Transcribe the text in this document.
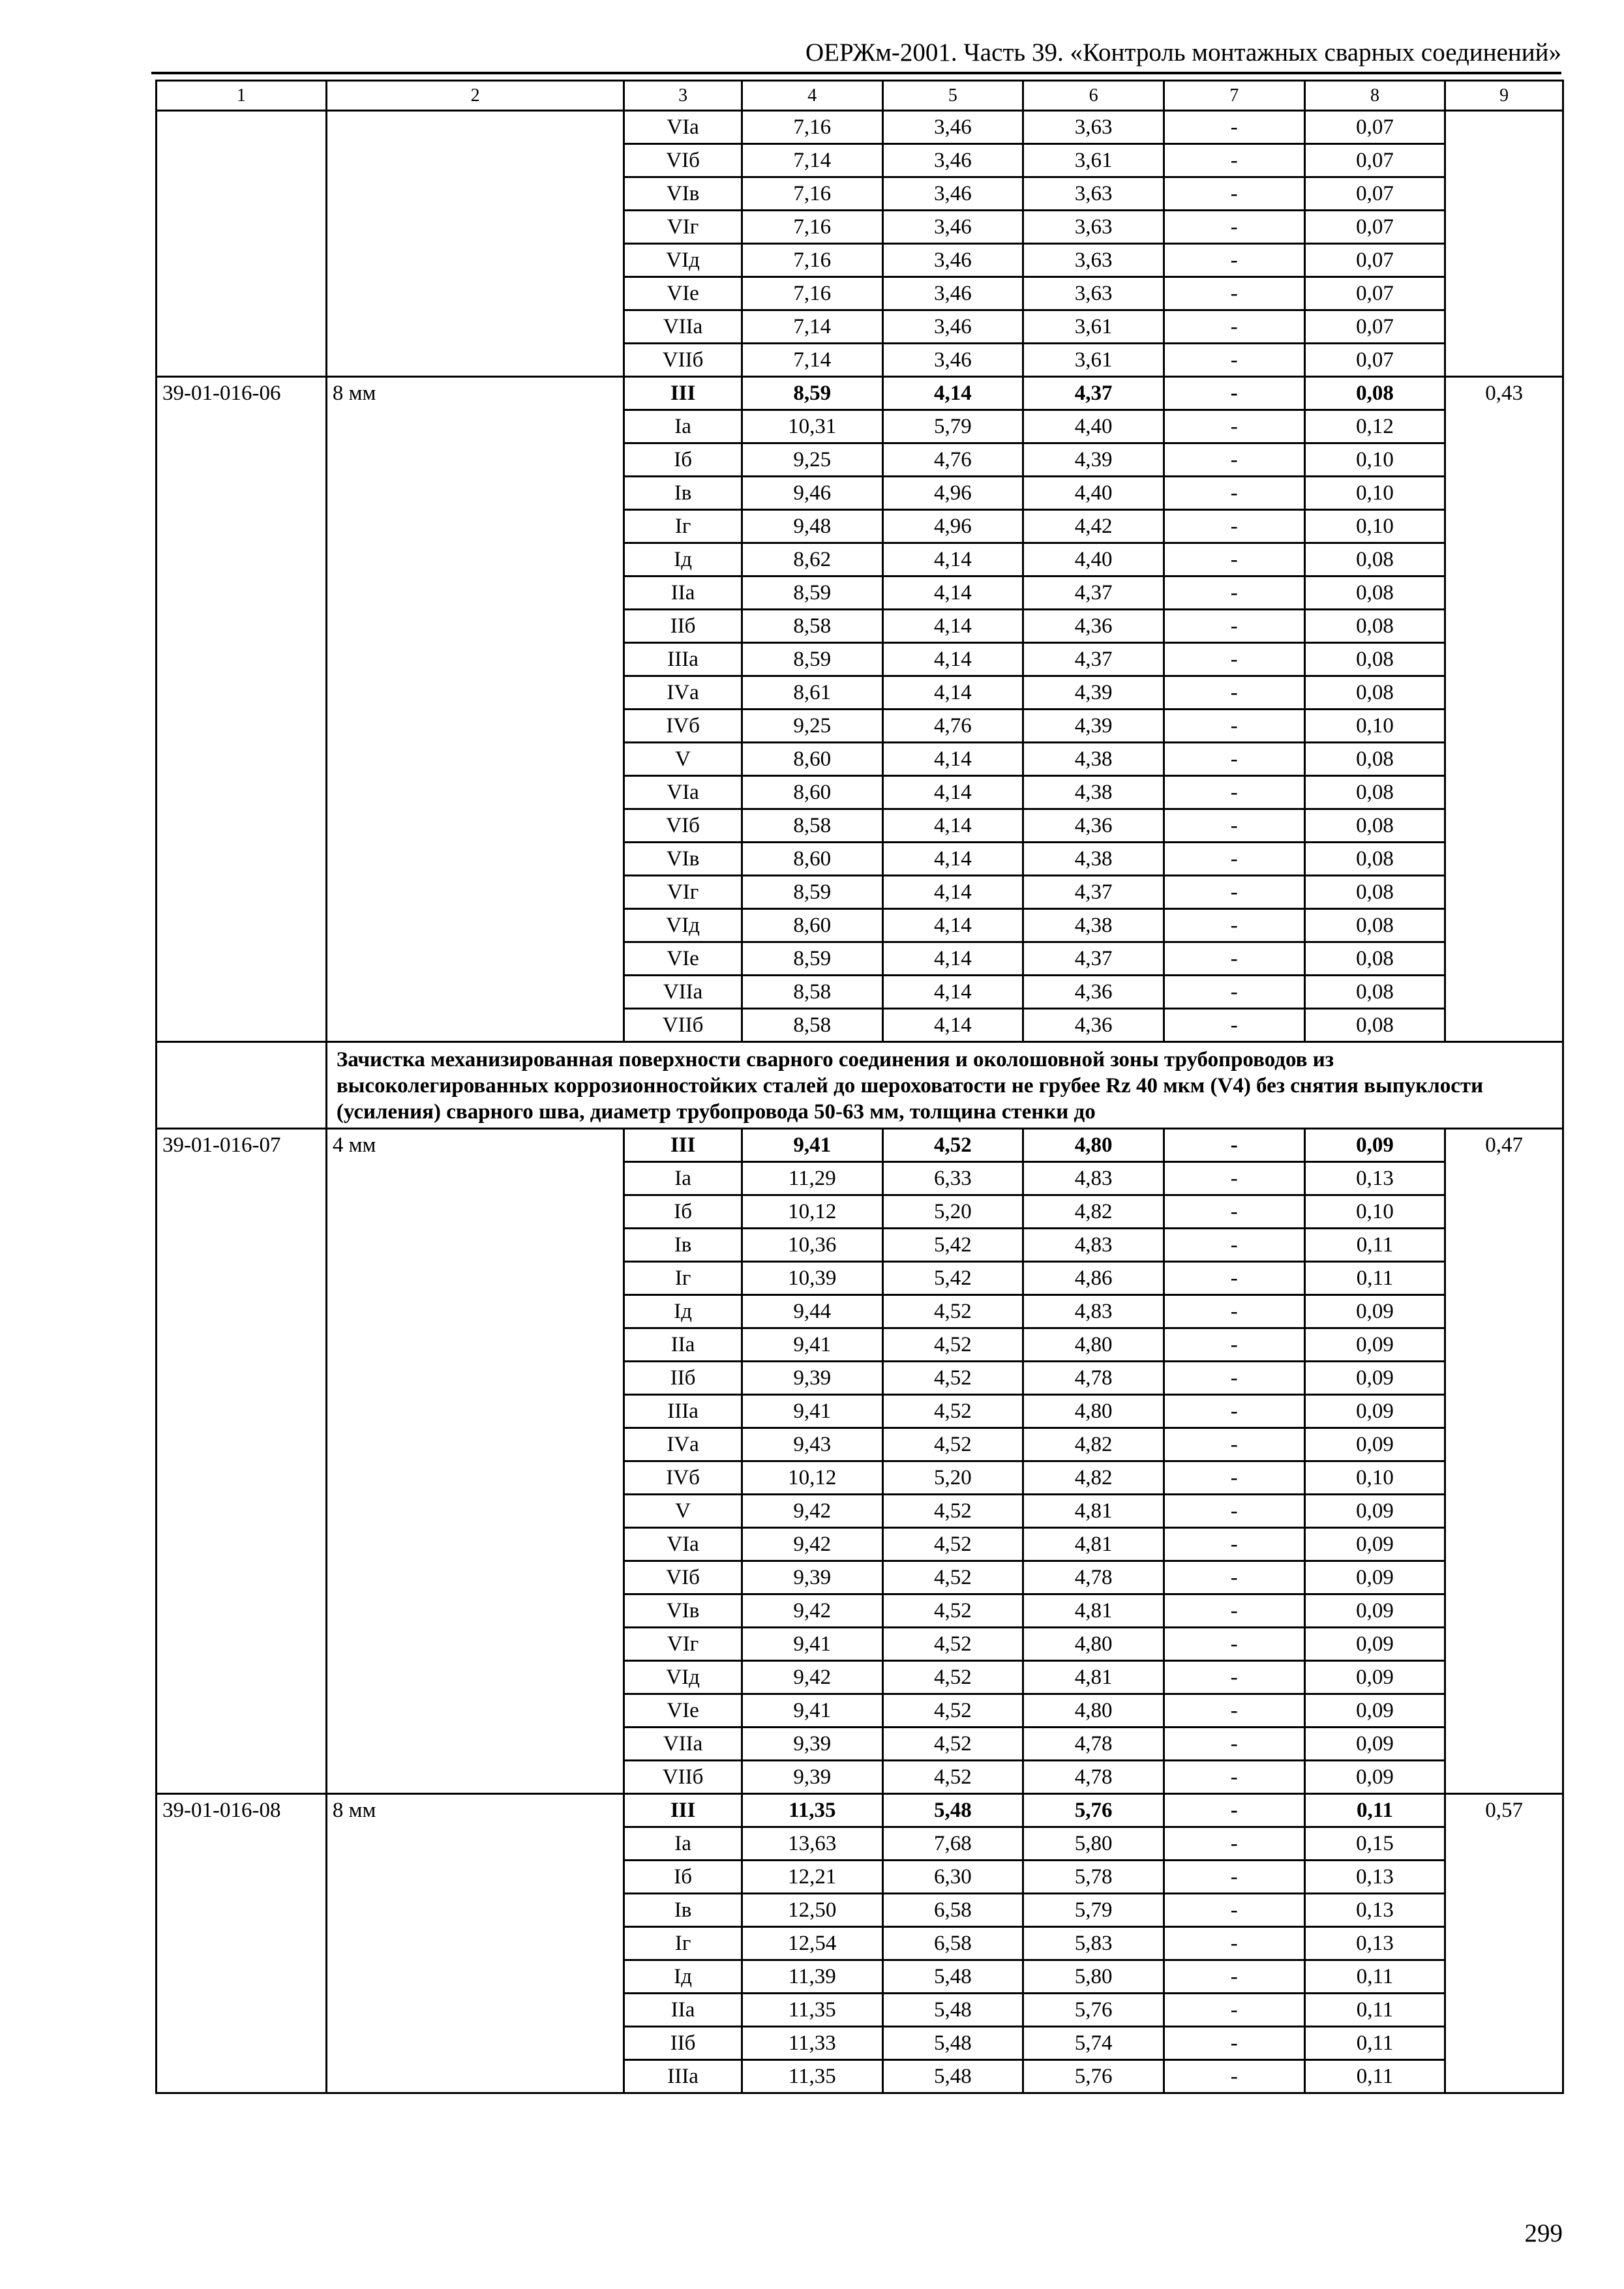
ОЕРЖм-2001. Часть 39. «Контроль монтажных сварных соединений»
1	2	3	4	5	6	7	8	9
		VIа	7,16	3,46	3,63	-	0,07	
		VIб	7,14	3,46	3,61	-	0,07	
		VIв	7,16	3,46	3,63	-	0,07	
		VIг	7,16	3,46	3,63	-	0,07	
		VIд	7,16	3,46	3,63	-	0,07	
		VIе	7,16	3,46	3,63	-	0,07	
		VIIа	7,14	3,46	3,61	-	0,07	
		VIIб	7,14	3,46	3,61	-	0,07	
39-01-016-06	8 мм	III	8,59	4,14	4,37	-	0,08	0,43
		Iа	10,31	5,79	4,40	-	0,12	
		Iб	9,25	4,76	4,39	-	0,10	
		Iв	9,46	4,96	4,40	-	0,10	
		Iг	9,48	4,96	4,42	-	0,10	
		Iд	8,62	4,14	4,40	-	0,08	
		IIа	8,59	4,14	4,37	-	0,08	
		IIб	8,58	4,14	4,36	-	0,08	
		IIIа	8,59	4,14	4,37	-	0,08	
		IVа	8,61	4,14	4,39	-	0,08	
		IVб	9,25	4,76	4,39	-	0,10	
		V	8,60	4,14	4,38	-	0,08	
		VIа	8,60	4,14	4,38	-	0,08	
		VIб	8,58	4,14	4,36	-	0,08	
		VIв	8,60	4,14	4,38	-	0,08	
		VIг	8,59	4,14	4,37	-	0,08	
		VIд	8,60	4,14	4,38	-	0,08	
		VIе	8,59	4,14	4,37	-	0,08	
		VIIа	8,58	4,14	4,36	-	0,08	
		VIIб	8,58	4,14	4,36	-	0,08	
	Зачистка механизированная поверхности сварного соединения и околошовной зоны трубопроводов из высоколегированных коррозионностойких сталей до шероховатости не грубее Rz 40 мкм (V4) без снятия выпуклости (усиления) сварного шва, диаметр трубопровода 50-63 мм, толщина стенки до							
39-01-016-07	4 мм	III	9,41	4,52	4,80	-	0,09	0,47
		Iа	11,29	6,33	4,83	-	0,13	
		Iб	10,12	5,20	4,82	-	0,10	
		Iв	10,36	5,42	4,83	-	0,11	
		Iг	10,39	5,42	4,86	-	0,11	
		Iд	9,44	4,52	4,83	-	0,09	
		IIа	9,41	4,52	4,80	-	0,09	
		IIб	9,39	4,52	4,78	-	0,09	
		IIIа	9,41	4,52	4,80	-	0,09	
		IVа	9,43	4,52	4,82	-	0,09	
		IVб	10,12	5,20	4,82	-	0,10	
		V	9,42	4,52	4,81	-	0,09	
		VIа	9,42	4,52	4,81	-	0,09	
		VIб	9,39	4,52	4,78	-	0,09	
		VIв	9,42	4,52	4,81	-	0,09	
		VIг	9,41	4,52	4,80	-	0,09	
		VIд	9,42	4,52	4,81	-	0,09	
		VIе	9,41	4,52	4,80	-	0,09	
		VIIа	9,39	4,52	4,78	-	0,09	
		VIIб	9,39	4,52	4,78	-	0,09	
39-01-016-08	8 мм	III	11,35	5,48	5,76	-	0,11	0,57
		Iа	13,63	7,68	5,80	-	0,15	
		Iб	12,21	6,30	5,78	-	0,13	
		Iв	12,50	6,58	5,79	-	0,13	
		Iг	12,54	6,58	5,83	-	0,13	
		Iд	11,39	5,48	5,80	-	0,11	
		IIа	11,35	5,48	5,76	-	0,11	
		IIб	11,33	5,48	5,74	-	0,11	
		IIIа	11,35	5,48	5,76	-	0,11	
299
